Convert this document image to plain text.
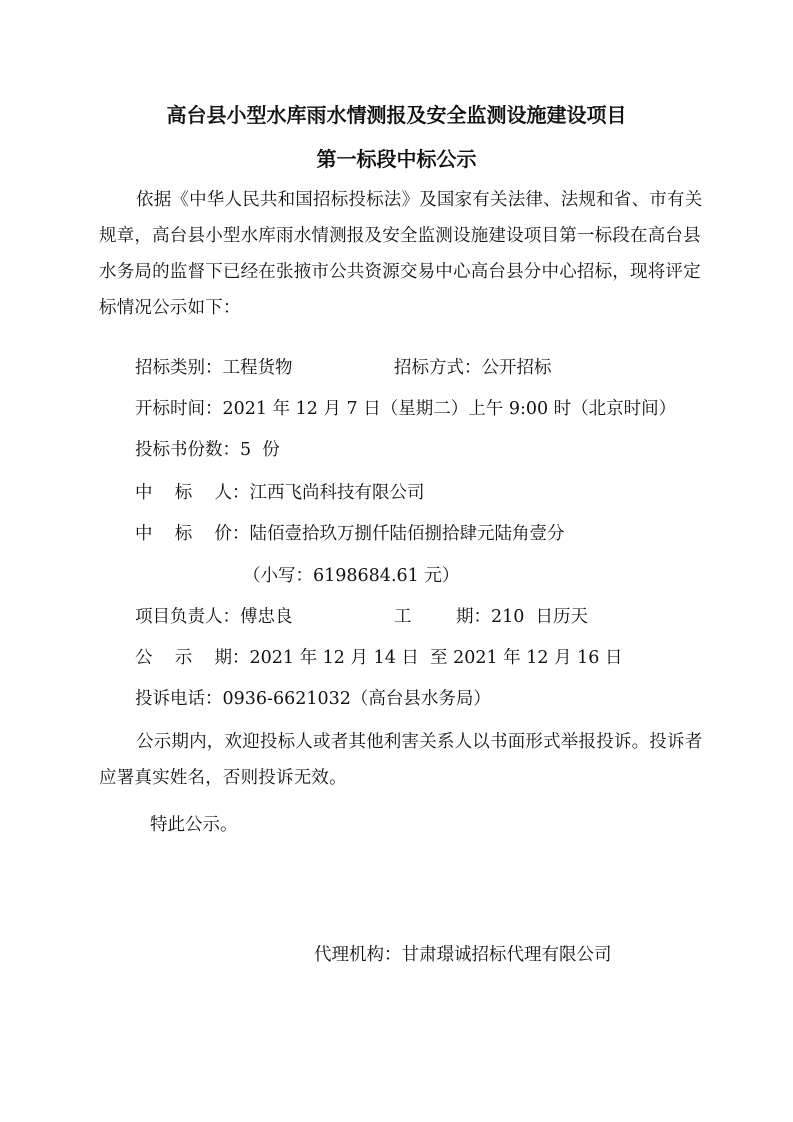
高台县小型水库雨水情测报及安全监测设施建设项目
第一标段中标公示

依据《中华人民共和国招标投标法》及国家有关法律、法规和省、市有关规章，高台县小型水库雨水情测报及安全监测设施建设项目第一标段在高台县水务局的监督下已经在张掖市公共资源交易中心高台县分中心招标，现将评定标情况公示如下：

招标类别：工程货物	招标方式：公开招标
开标时间：2021 年 12 月 7 日（星期二）上午 9:00 时（北京时间）
投标书份数：5  份
中    标    人：江西飞尚科技有限公司
中    标    价：陆佰壹拾玖万捌仟陆佰捌拾肆元陆角壹分
（小写：6198684.61 元）
项目负责人：傅忠良	工        期：210  日历天
公    示    期：2021 年 12 月 14 日  至 2021 年 12 月 16 日
投诉电话：0936-6621032（高台县水务局）

公示期内，欢迎投标人或者其他利害关系人以书面形式举报投诉。投诉者应署真实姓名，否则投诉无效。

特此公示。
代理机构：甘肃璟诚招标代理有限公司
